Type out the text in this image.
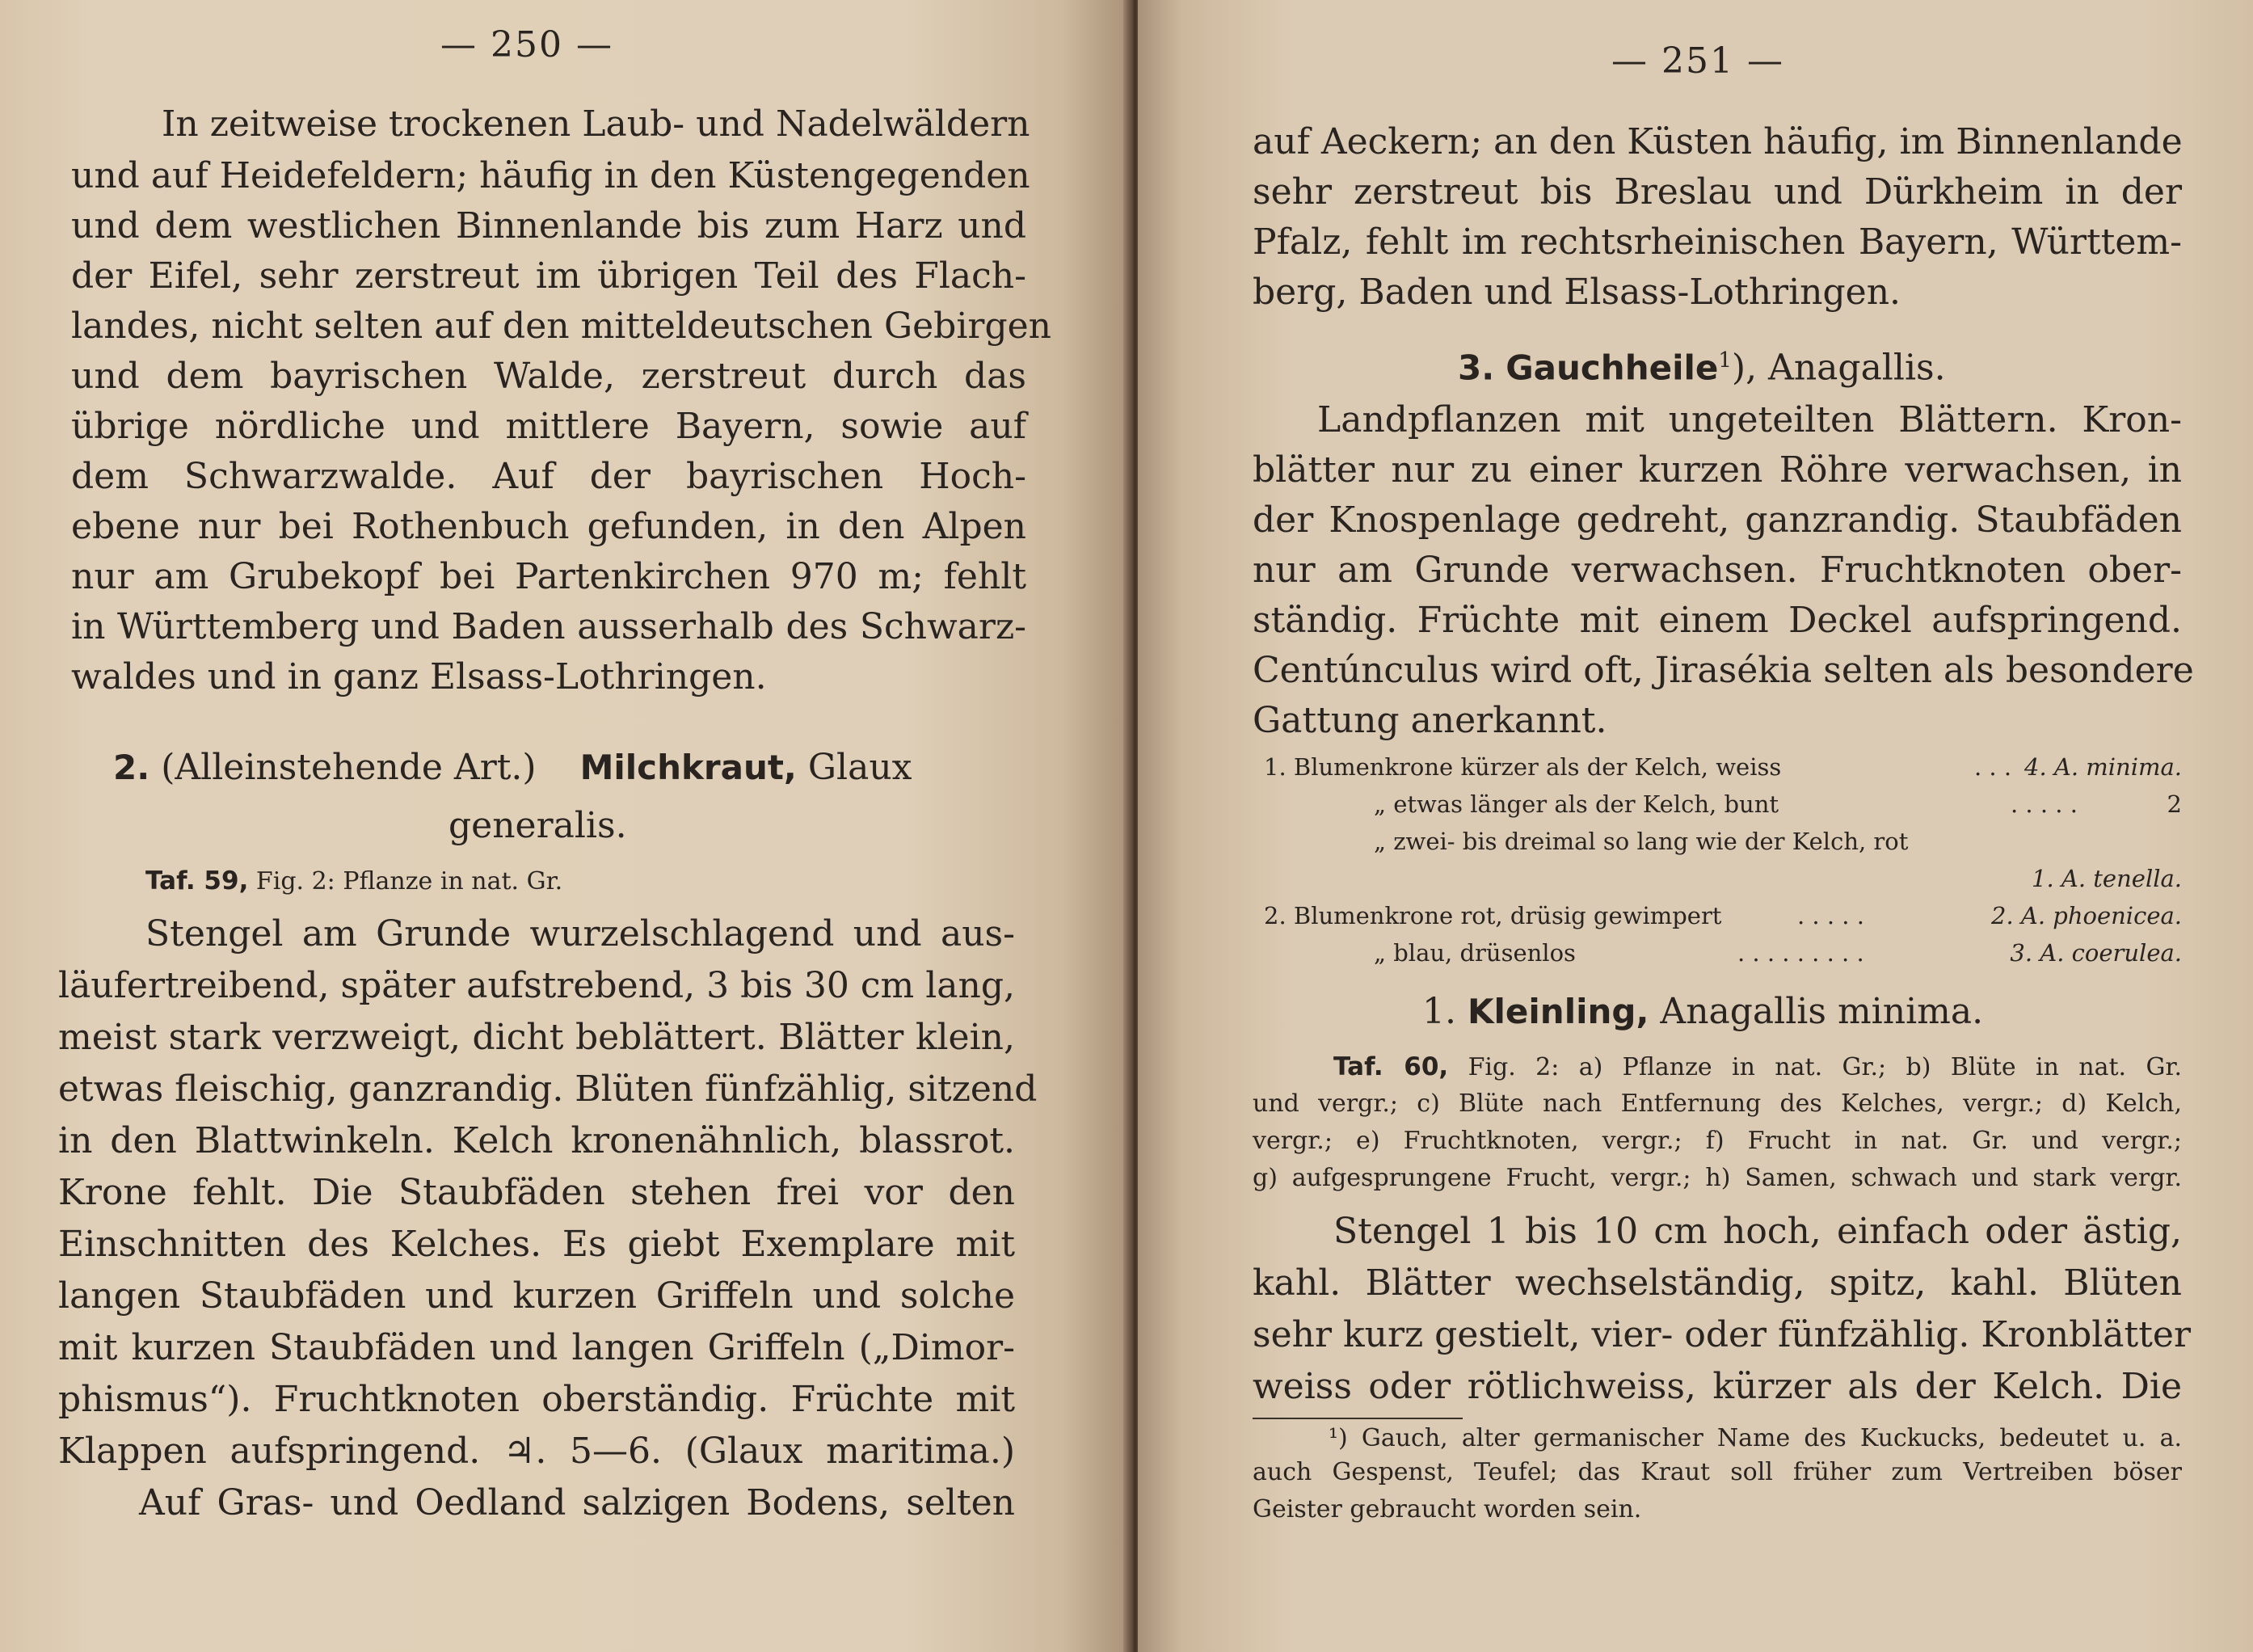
— 250 —
In zeitweise trockenen Laub- und Nadelwäldern
und auf Heidefeldern; häufig in den Küstengegenden
und dem westlichen Binnenlande bis zum Harz und
der Eifel, sehr zerstreut im übrigen Teil des Flach-
landes, nicht selten auf den mitteldeutschen Gebirgen
und dem bayrischen Walde, zerstreut durch das
übrige nördliche und mittlere Bayern, sowie auf
dem Schwarzwalde. Auf der bayrischen Hoch-
ebene nur bei Rothenbuch gefunden, in den Alpen
nur am Grubekopf bei Partenkirchen 970 m; fehlt
in Württemberg und Baden ausserhalb des Schwarz-
waldes und in ganz Elsass-Lothringen.
2. (Alleinstehende Art.) Milchkraut, Glaux
generalis.
Taf. 59, Fig. 2: Pflanze in nat. Gr.
Stengel am Grunde wurzelschlagend und aus-
läufertreibend, später aufstrebend, 3 bis 30 cm lang,
meist stark verzweigt, dicht beblättert. Blätter klein,
etwas fleischig, ganzrandig. Blüten fünfzählig, sitzend
in den Blattwinkeln. Kelch kronenähnlich, blassrot.
Krone fehlt. Die Staubfäden stehen frei vor den
Einschnitten des Kelches. Es giebt Exemplare mit
langen Staubfäden und kurzen Griffeln und solche
mit kurzen Staubfäden und langen Griffeln („Dimor-
phismus“). Fruchtknoten oberständig. Früchte mit
Klappen aufspringend. ♃. 5—6. (Glaux maritima.)
Auf Gras- und Oedland salzigen Bodens, selten
— 251 —
auf Aeckern; an den Küsten häufig, im Binnenlande
sehr zerstreut bis Breslau und Dürkheim in der
Pfalz, fehlt im rechtsrheinischen Bayern, Württem-
berg, Baden und Elsass-Lothringen.
3. Gauchheile$^1$), Anagallis.
Landpflanzen mit ungeteilten Blättern. Kron-
blätter nur zu einer kurzen Röhre verwachsen, in
der Knospenlage gedreht, ganzrandig. Staubfäden
nur am Grunde verwachsen. Fruchtknoten ober-
ständig. Früchte mit einem Deckel aufspringend.
Centúnculus wird oft, Jirasékia selten als besondere
Gattung anerkannt.
1. Blumenkrone kürzer als der Kelch, weiss	. . . 4. A. minima.
„ etwas länger als der Kelch, bunt	. . . . .	2
„ zwei- bis dreimal so lang wie der Kelch, rot
1. A. tenella.
2. Blumenkrone rot, drüsig gewimpert	. . . . .	2. A. phoenicea.
„ blau, drüsenlos	. . . . . . . . .	3. A. coerulea.
1. Kleinling, Anagallis minima.
Taf. 60, Fig. 2: a) Pflanze in nat. Gr.; b) Blüte in nat. Gr.
und vergr.; c) Blüte nach Entfernung des Kelches, vergr.; d) Kelch,
vergr.; e) Fruchtknoten, vergr.; f) Frucht in nat. Gr. und vergr.;
g) aufgesprungene Frucht, vergr.; h) Samen, schwach und stark vergr.
Stengel 1 bis 10 cm hoch, einfach oder ästig,
kahl. Blätter wechselständig, spitz, kahl. Blüten
sehr kurz gestielt, vier- oder fünfzählig. Kronblätter
weiss oder rötlichweiss, kürzer als der Kelch. Die
¹) Gauch, alter germanischer Name des Kuckucks, bedeutet u. a.
auch Gespenst, Teufel; das Kraut soll früher zum Vertreiben böser
Geister gebraucht worden sein.
